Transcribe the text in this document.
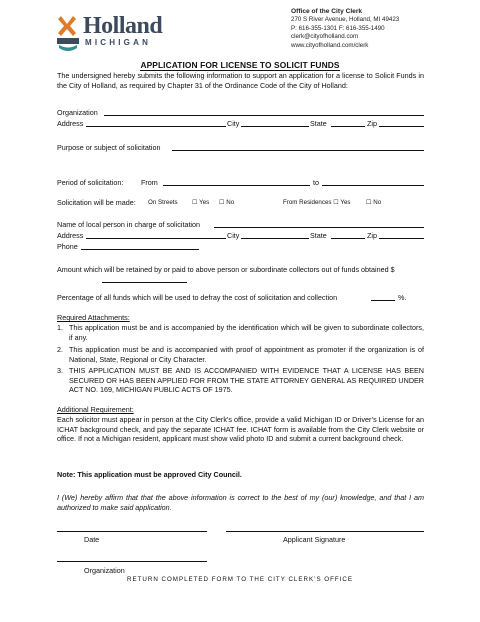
Holland
MICHIGAN
Office of the City Clerk
270 S River Avenue, Holland, MI 49423
P: 616-355-1301 F: 616-355-1490
clerk@cityofholland.com
www.cityofholland.com/clerk
APPLICATION FOR LICENSE TO SOLICIT FUNDS
The undersigned hereby submits the following information to support an application for a license to Solicit Funds in the City of Holland, as required by Chapter 31 of the Ordinance Code of the City of Holland:
Organization
Address	City	State	Zip
Purpose or subject of solicitation
Period of solicitation: From	to
Solicitation will be made: On Streets ☐ Yes ☐ No	From Residences ☐ Yes	☐ No
Name of local person in charge of solicitation
Address	City	State	Zip
Phone
Amount which will be retained by or paid to above person or subordinate collectors out of funds obtained $
Percentage of all funds which will be used to defray the cost of solicitation and collection	%.
Required Attachments:
1. This application must be and is accompanied by the identification which will be given to subordinate collectors, if any.
2. This application must be and is accompanied with proof of appointment as promoter if the organization is of National, State, Regional or City Character.
3. THIS APPLICATION MUST BE AND IS ACCOMPANIED WITH EVIDENCE THAT A LICENSE HAS BEEN SECURED OR HAS BEEN APPLIED FOR FROM THE STATE ATTORNEY GENERAL AS REQUIRED UNDER ACT NO. 169, MICHIGAN PUBLIC ACTS OF 1975.
Additional Requirement:
Each solicitor must appear in person at the City Clerk’s office, provide a valid Michigan ID or Driver’s License for an ICHAT background check, and pay the separate ICHAT fee. ICHAT form is available from the City Clerk website or office. If not a Michigan resident, applicant must show valid photo ID and submit a current background check.
Note: This application must be approved City Council.
I (We) hereby affirm that that the above information is correct to the best of my (our) knowledge, and that I am authorized to make said application.
Date	Applicant Signature
Organization
RETURN COMPLETED FORM TO THE CITY CLERK’S OFFICE
